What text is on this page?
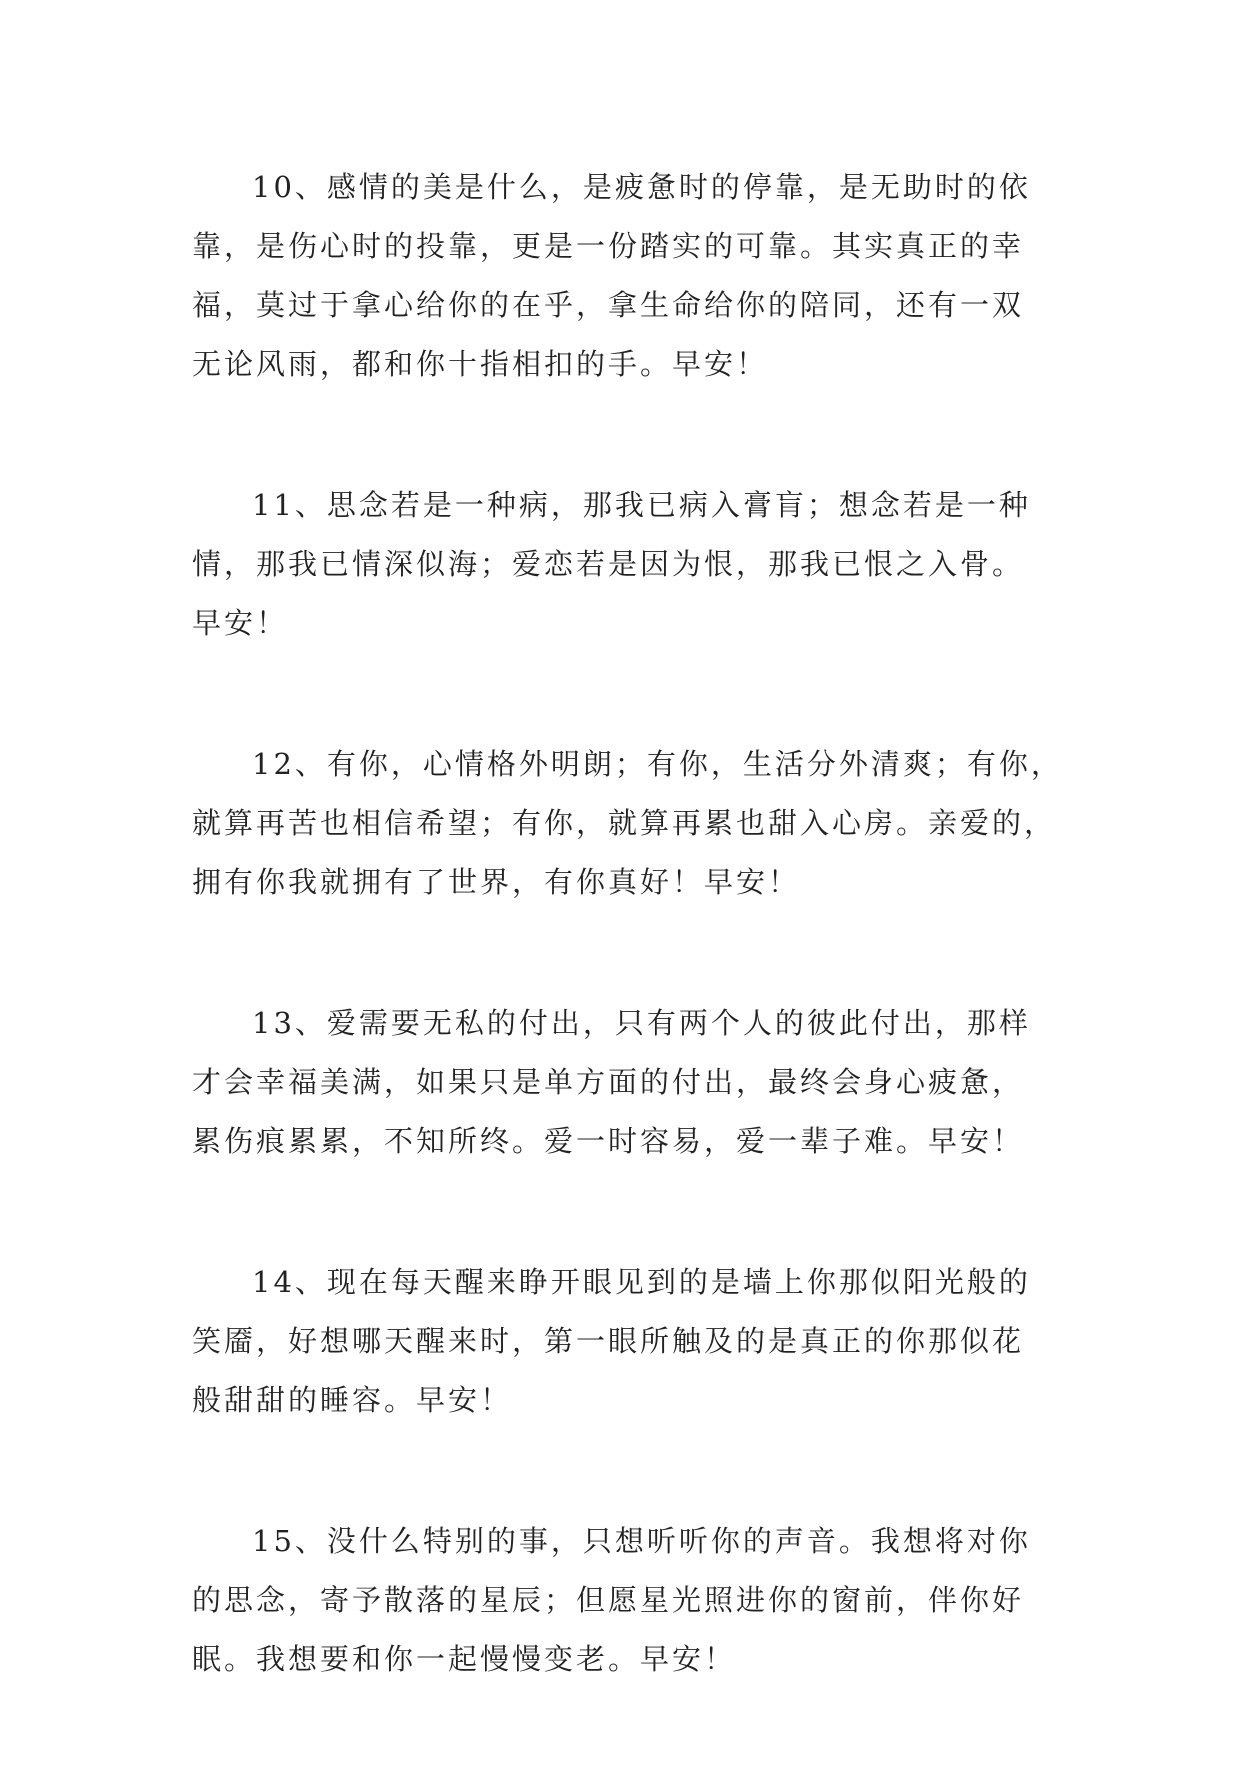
10、感情的美是什么，是疲惫时的停靠，是无助时的依
靠，是伤心时的投靠，更是一份踏实的可靠。其实真正的幸
福，莫过于拿心给你的在乎，拿生命给你的陪同，还有一双
无论风雨，都和你十指相扣的手。早安！
11、思念若是一种病，那我已病入膏肓；想念若是一种
情，那我已情深似海；爱恋若是因为恨，那我已恨之入骨。
早安！
12、有你，心情格外明朗；有你，生活分外清爽；有你，
就算再苦也相信希望；有你，就算再累也甜入心房。亲爱的，
拥有你我就拥有了世界，有你真好！早安！
13、爱需要无私的付出，只有两个人的彼此付出，那样
才会幸福美满，如果只是单方面的付出，最终会身心疲惫，
累伤痕累累，不知所终。爱一时容易，爱一辈子难。早安！
14、现在每天醒来睁开眼见到的是墙上你那似阳光般的
笑靥，好想哪天醒来时，第一眼所触及的是真正的你那似花
般甜甜的睡容。早安！
15、没什么特别的事，只想听听你的声音。我想将对你
的思念，寄予散落的星辰；但愿星光照进你的窗前，伴你好
眠。我想要和你一起慢慢变老。早安！
